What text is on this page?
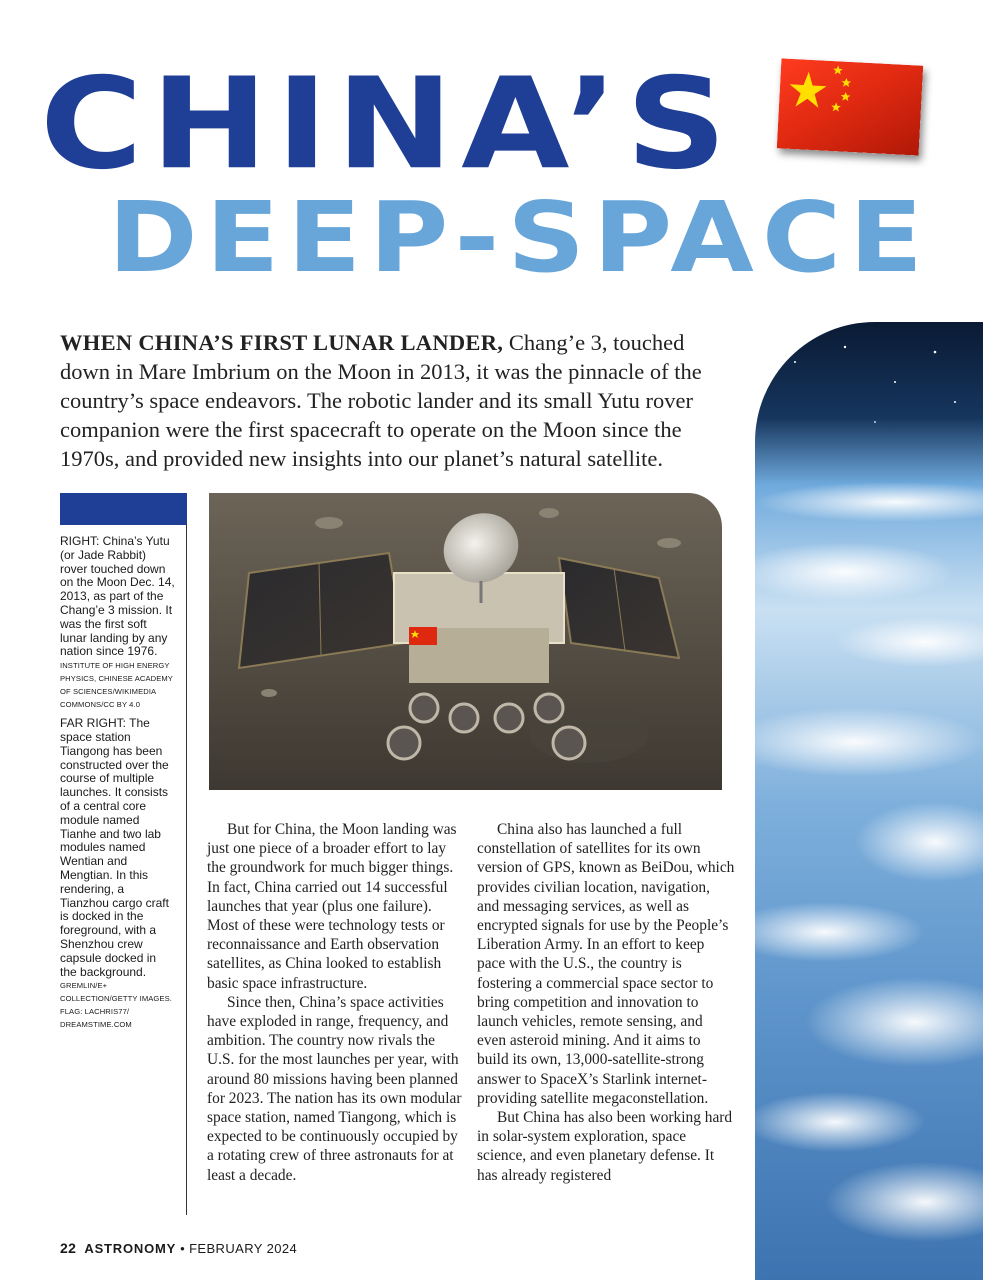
CHINA’S
DEEP-SPACE
WHEN CHINA’S FIRST LUNAR LANDER, Chang’e 3, touched down in Mare Imbrium on the Moon in 2013, it was the pinnacle of the country’s space endeavors. The robotic lander and its small Yutu rover companion were the first spacecraft to operate on the Moon since the 1970s, and provided new insights into our planet’s natural satellite.
RIGHT: China’s Yutu (or Jade Rabbit) rover touched down on the Moon Dec. 14, 2013, as part of the Chang’e 3 mission. It was the first soft lunar landing by any nation since 1976.
INSTITUTE OF HIGH ENERGY PHYSICS, CHINESE ACADEMY OF SCIENCES/WIKIMEDIA COMMONS/CC BY 4.0
FAR RIGHT: The space station Tiangong has been constructed over the course of multiple launches. It consists of a central core module named Tianhe and two lab modules named Wentian and Mengtian. In this rendering, a Tianzhou cargo craft is docked in the foreground, with a Shenzhou crew capsule docked in the background.
GREMLIN/E+ COLLECTION/GETTY IMAGES. FLAG: LACHRIS77/ DREAMSTIME.COM

But for China, the Moon landing was just one piece of a broader effort to lay the groundwork for much bigger things. In fact, China carried out 14 successful launches that year (plus one failure). Most of these were technology tests or reconnaissance and Earth observation satellites, as China looked to establish basic space infrastructure.

Since then, China’s space activities have exploded in range, frequency, and ambition. The country now rivals the U.S. for the most launches per year, with around 80 missions having been planned for 2023. The nation has its own modular space station, named Tiangong, which is expected to be continuously occupied by a rotating crew of three astronauts for at least a decade.

China also has launched a full constellation of satellites for its own version of GPS, known as BeiDou, which provides civilian location, navigation, and messaging services, as well as encrypted signals for use by the People’s Liberation Army. In an effort to keep pace with the U.S., the country is fostering a commercial space sector to bring competition and innovation to launch vehicles, remote sensing, and even asteroid mining. And it aims to build its own, 13,000-satellite-strong answer to SpaceX’s Starlink internet-providing satellite megaconstellation.

But China has also been working hard in solar-system exploration, space science, and even planetary defense. It has already registered

22 ASTRONOMY • FEBRUARY 2024
